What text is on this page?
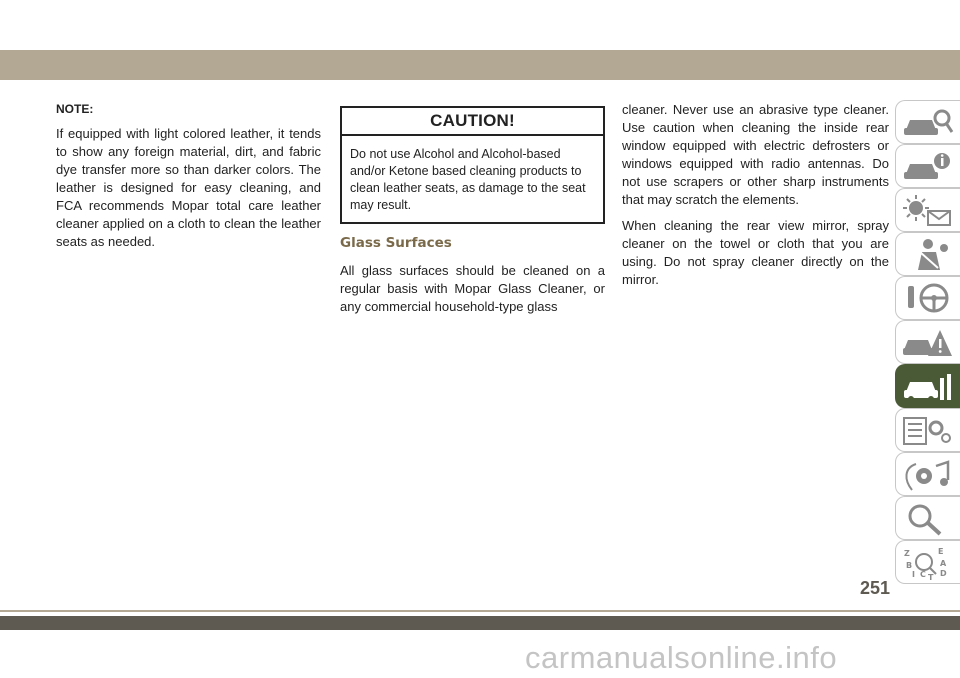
NOTE:

If equipped with light colored leather, it tends to show any foreign material, dirt, and fabric dye transfer more so than darker colors. The leather is designed for easy cleaning, and FCA recommends Mopar total care leather cleaner applied on a cloth to clean the leather seats as needed.

CAUTION!
Do not use Alcohol and Alcohol-based and/or Ketone based cleaning products to clean leather seats, as damage to the seat may result.
Glass Surfaces

All glass surfaces should be cleaned on a regular basis with Mopar Glass Cleaner, or any commercial household-type glass

cleaner. Never use an abrasive type cleaner. Use caution when cleaning the inside rear window equipped with electric defrosters or windows equipped with radio antennas. Do not use scrapers or other sharp instruments that may scratch the elements.

When cleaning the rear view mirror, spray cleaner on the towel or cloth that you are using. Do not spray cleaner directly on the mirror.

Z	E
B	A
I C D
T
251
carmanualsonline.info
